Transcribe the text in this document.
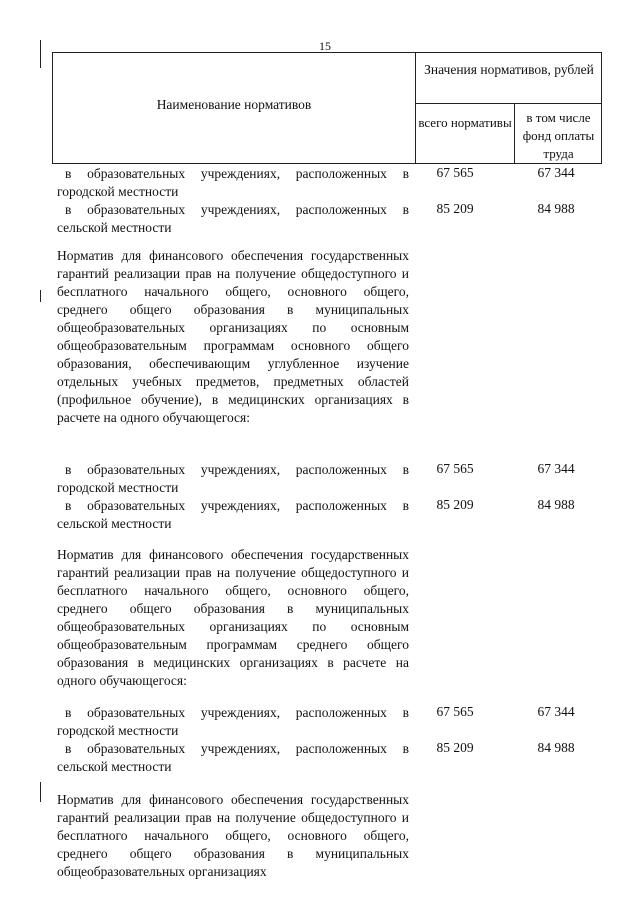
15
Наименование нормативов
Значения нормативов, рублей
всего нормативы	в том числе фонд оплаты труда
в образовательных учреждениях, расположенных в городской местности
67 565	67 344
в образовательных учреждениях, расположенных в сельской местности
85 209	84 988
Норматив для финансового обеспечения государственных гарантий реализации прав на получение общедоступного и бесплатного начального общего, основного общего, среднего общего образования в муниципальных общеобразовательных организациях по основным общеобразовательным программам основного общего образования, обеспечивающим углубленное изучение отдельных учебных предметов, предметных областей (профильное обучение), в медицинских организациях в расчете на одного обучающегося:
в образовательных учреждениях, расположенных в городской местности
67 565	67 344
в образовательных учреждениях, расположенных в сельской местности
85 209	84 988
Норматив для финансового обеспечения государственных гарантий реализации прав на получение общедоступного и бесплатного начального общего, основного общего, среднего общего образования в муниципальных общеобразовательных организациях по основным общеобразовательным программам среднего общего образования в медицинских организациях в расчете на одного обучающегося:
в образовательных учреждениях, расположенных в городской местности
67 565	67 344
в образовательных учреждениях, расположенных в сельской местности
85 209	84 988
Норматив для финансового обеспечения государственных гарантий реализации прав на получение общедоступного и бесплатного начального общего, основного общего, среднего общего образования в муниципальных общеобразовательных организациях
